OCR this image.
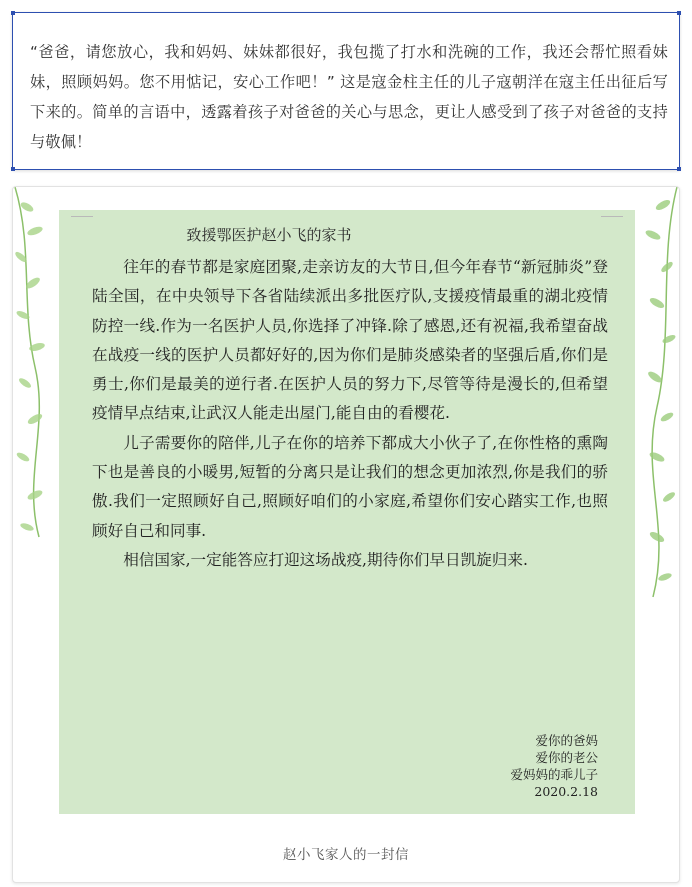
“爸爸，请您放心，我和妈妈、妹妹都很好，我包揽了打水和洗碗的工作，我还会帮忙照看妹妹，照顾妈妈。您不用惦记，安心工作吧！” 这是寇金柱主任的儿子寇朝洋在寇主任出征后写下来的。简单的言语中，透露着孩子对爸爸的关心与思念，更让人感受到了孩子对爸爸的支持与敬佩！

致援鄂医护赵小飞的家书

往年的春节都是家庭团聚,走亲访友的大节日,但今年春节“新冠肺炎”登陆全国，在中央领导下各省陆续派出多批医疗队,支援疫情最重的湖北疫情防控一线.作为一名医护人员,你选择了冲锋.除了感恩,还有祝福,我希望奋战在战疫一线的医护人员都好好的,因为你们是肺炎感染者的坚强后盾,你们是勇士,你们是最美的逆行者.在医护人员的努力下,尽管等待是漫长的,但希望疫情早点结束,让武汉人能走出屋门,能自由的看樱花.

儿子需要你的陪伴,儿子在你的培养下都成大小伙子了,在你性格的熏陶下也是善良的小暖男,短暂的分离只是让我们的想念更加浓烈,你是我们的骄傲.我们一定照顾好自己,照顾好咱们的小家庭,希望你们安心踏实工作,也照顾好自己和同事.

相信国家,一定能答应打迎这场战疫,期待你们早日凯旋归来.

爱你的爸妈
爱你的老公
爱妈妈的乖儿子
2020.2.18
赵小飞家人的一封信
